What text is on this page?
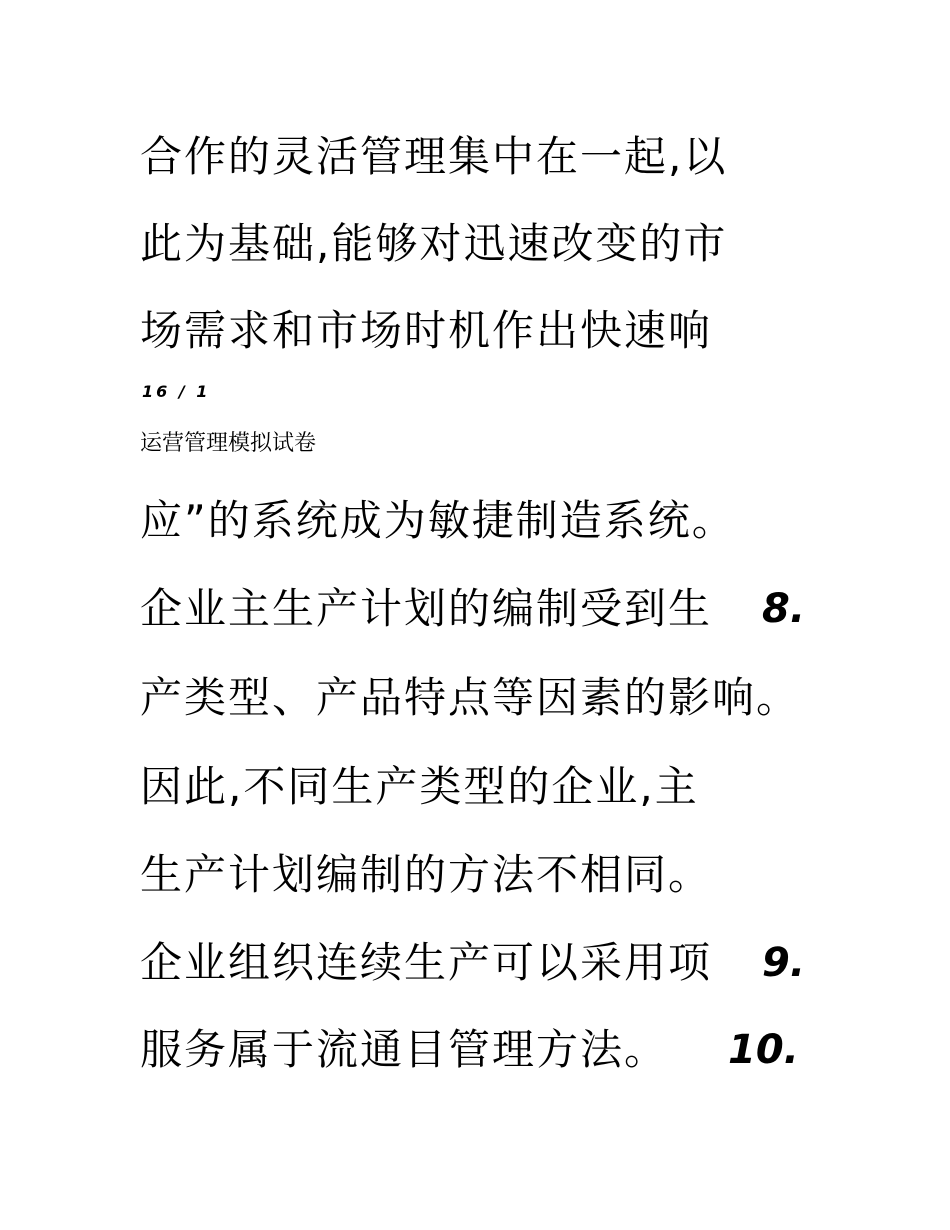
合作的灵活管理集中在一起,以
此为基础,能够对迅速改变的市
场需求和市场时机作出快速响
16 / 1
运营管理模拟试卷
应”的系统成为敏捷制造系统。
企业主生产计划的编制受到生 8.
产类型、产品特点等因素的影响。
因此,不同生产类型的企业,主
生产计划编制的方法不相同。
企业组织连续生产可以采用项 9.
服务属于流通目管理方法。 10.
